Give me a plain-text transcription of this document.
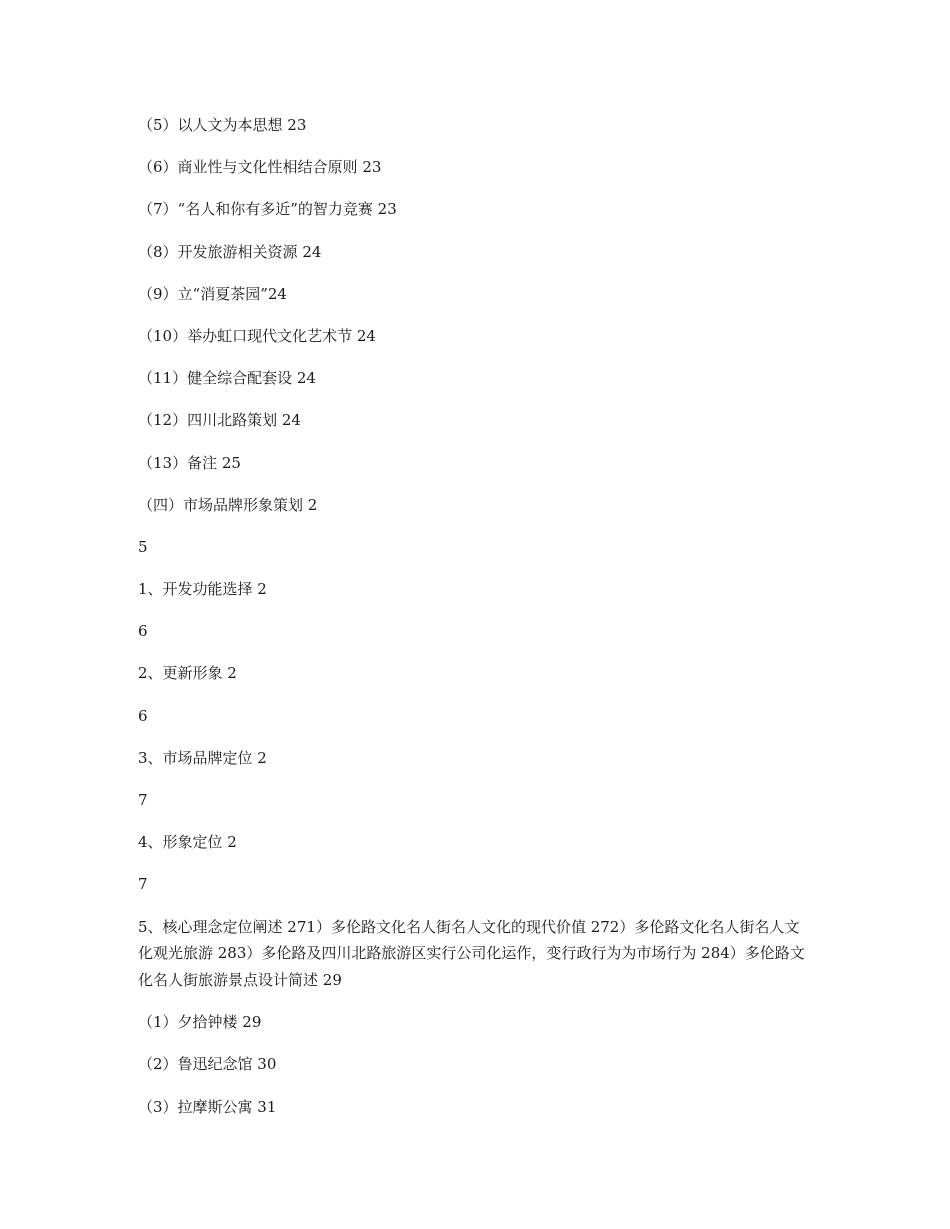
（5）以人文为本思想 23
（6）商业性与文化性相结合原则 23
（7）“名人和你有多近”的智力竞赛 23
（8）开发旅游相关资源 24
（9）立“消夏茶园”24
（10）举办虹口现代文化艺术节 24
（11）健全综合配套设 24
（12）四川北路策划 24
（13）备注 25
（四）市场品牌形象策划 2
5
1、开发功能选择 2
6
2、更新形象 2
6
3、市场品牌定位 2
7
4、形象定位 2
7
5、核心理念定位阐述 271）多伦路文化名人街名人文化的现代价值 272）多伦路文化名人街名人文化观光旅游 283）多伦路及四川北路旅游区实行公司化运作，变行政行为为市场行为 284）多伦路文化名人街旅游景点设计简述 29
（1）夕拾钟楼 29
（2）鲁迅纪念馆 30
（3）拉摩斯公寓 31
